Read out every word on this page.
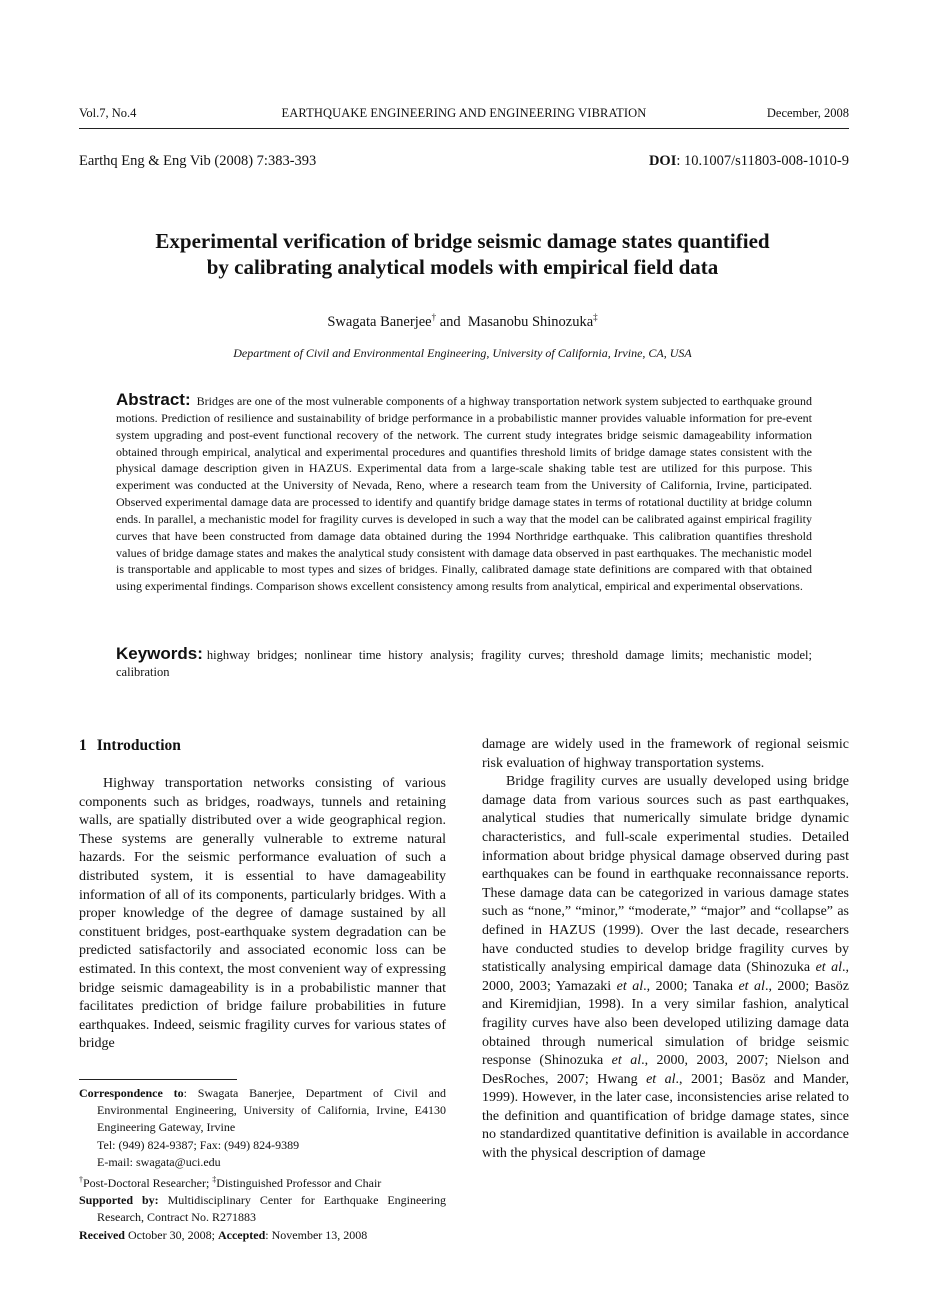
Vol.7, No.4	EARTHQUAKE ENGINEERING AND ENGINEERING VIBRATION	December, 2008
Earthq Eng & Eng Vib (2008) 7:383-393	DOI: 10.1007/s11803-008-1010-9
Experimental verification of bridge seismic damage states quantified
by calibrating analytical models with empirical field data
Swagata Banerjee† and  Masanobu Shinozuka‡
Department of Civil and Environmental Engineering, University of California, Irvine, CA, USA
Abstract: Bridges are one of the most vulnerable components of a highway transportation network system subjected to earthquake ground motions. Prediction of resilience and sustainability of bridge performance in a probabilistic manner provides valuable information for pre-event system upgrading and post-event functional recovery of the network. The current study integrates bridge seismic damageability information obtained through empirical, analytical and experimental procedures and quantifies threshold limits of bridge damage states consistent with the physical damage description given in HAZUS. Experimental data from a large-scale shaking table test are utilized for this purpose. This experiment was conducted at the University of Nevada, Reno, where a research team from the University of California, Irvine, participated. Observed experimental damage data are processed to identify and quantify bridge damage states in terms of rotational ductility at bridge column ends. In parallel, a mechanistic model for fragility curves is developed in such a way that the model can be calibrated against empirical fragility curves that have been constructed from damage data obtained during the 1994 Northridge earthquake. This calibration quantifies threshold values of bridge damage states and makes the analytical study consistent with damage data observed in past earthquakes. The mechanistic model is transportable and applicable to most types and sizes of bridges. Finally, calibrated damage state definitions are compared with that obtained using experimental findings. Comparison shows excellent consistency among results from analytical, empirical and experimental observations.
Keywords: highway bridges; nonlinear time history analysis; fragility curves; threshold damage limits; mechanistic model; calibration
1 Introduction

Highway transportation networks consisting of various components such as bridges, roadways, tunnels and retaining walls, are spatially distributed over a wide geographical region. These systems are generally vulnerable to extreme natural hazards. For the seismic performance evaluation of such a distributed system, it is essential to have damageability information of all of its components, particularly bridges. With a proper knowledge of the degree of damage sustained by all constituent bridges, post-earthquake system degradation can be predicted satisfactorily and associated economic loss can be estimated. In this context, the most convenient way of expressing bridge seismic damageability is in a probabilistic manner that facilitates prediction of bridge failure probabilities in future earthquakes. Indeed, seismic fragility curves for various states of bridge

Correspondence to: Swagata Banerjee, Department of Civil and Environmental Engineering, University of California, Irvine, E4130 Engineering Gateway, Irvine

Tel: (949) 824-9387; Fax: (949) 824-9389

E-mail: swagata@uci.edu

†Post-Doctoral Researcher; ‡Distinguished Professor and Chair

Supported by: Multidisciplinary Center for Earthquake Engineering Research, Contract No. R271883

Received October 30, 2008; Accepted: November 13, 2008

damage are widely used in the framework of regional seismic risk evaluation of highway transportation systems.

Bridge fragility curves are usually developed using bridge damage data from various sources such as past earthquakes, analytical studies that numerically simulate bridge dynamic characteristics, and full-scale experimental studies. Detailed information about bridge physical damage observed during past earthquakes can be found in earthquake reconnaissance reports. These damage data can be categorized in various damage states such as “none,” “minor,” “moderate,” “major” and “collapse” as defined in HAZUS (1999). Over the last decade, researchers have conducted studies to develop bridge fragility curves by statistically analysing empirical damage data (Shinozuka et al., 2000, 2003; Yamazaki et al., 2000; Tanaka et al., 2000; Basöz and Kiremidjian, 1998). In a very similar fashion, analytical fragility curves have also been developed utilizing damage data obtained through numerical simulation of bridge seismic response (Shinozuka et al., 2000, 2003, 2007; Nielson and DesRoches, 2007; Hwang et al., 2001; Basöz and Mander, 1999). However, in the later case, inconsistencies arise related to the definition and quantification of bridge damage states, since no standardized quantitative definition is available in accordance with the physical description of damage
